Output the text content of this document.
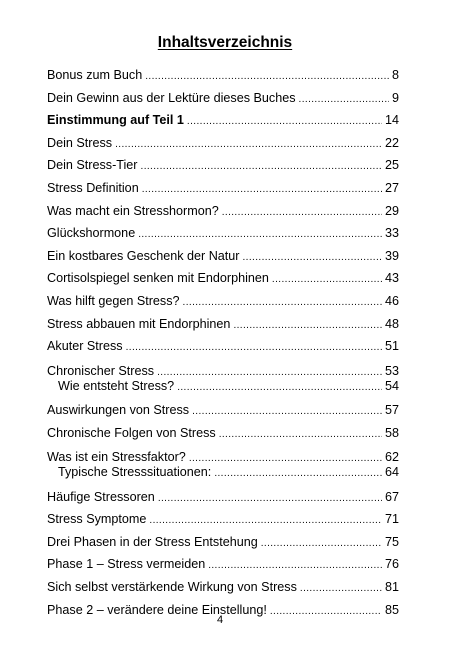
Inhaltsverzeichnis
Bonus zum Buch .....	8
Dein Gewinn aus der Lektüre dieses Buches .....	9
Einstimmung auf Teil 1 .....	14
Dein Stress .....	22
Dein Stress-Tier .....	25
Stress Definition .....	27
Was macht ein Stresshormon? .....	29
Glückshormone .....	33
Ein kostbares Geschenk der Natur .....	39
Cortisolspiegel senken mit Endorphinen .....	43
Was hilft gegen Stress? .....	46
Stress abbauen mit Endorphinen .....	48
Akuter Stress .....	51
Chronischer Stress .....	53
Wie entsteht Stress? .....	54
Auswirkungen von Stress .....	57
Chronische Folgen von Stress .....	58
Was ist ein Stressfaktor? .....	62
Typische Stresssituationen: .....	64
Häufige Stressoren .....	67
Stress Symptome .....	71
Drei Phasen in der Stress Entstehung .....	75
Phase 1 – Stress vermeiden .....	76
Sich selbst verstärkende Wirkung von Stress .....	81
Phase 2 – verändere deine Einstellung! .....	85
4
